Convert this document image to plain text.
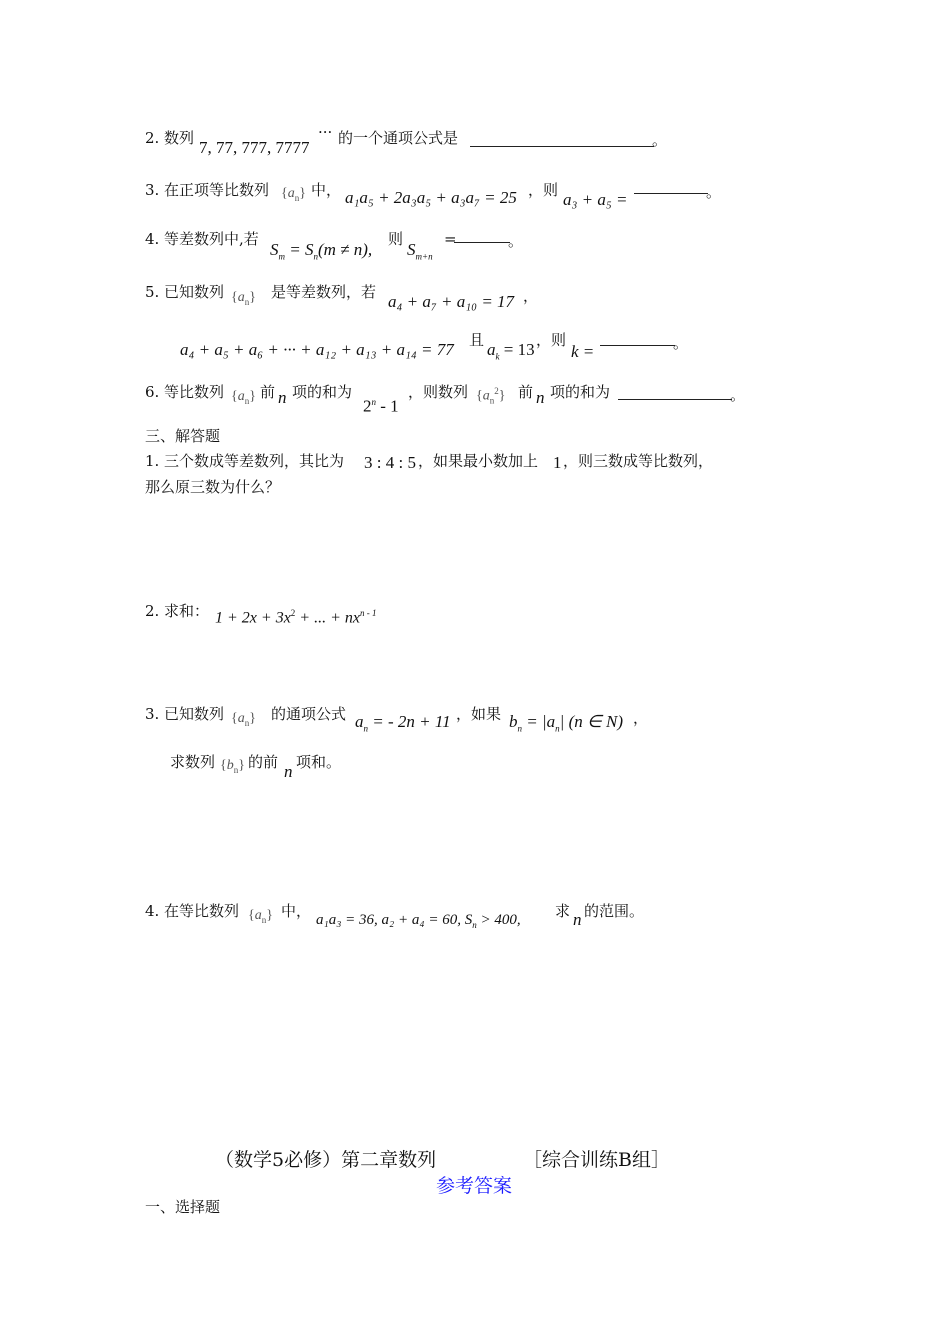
2. 数列 7, 77, 777, 7777
··· 的一个通项公式是	。
3. 在正项等比数列 $\{a_n\}$ 中， a₁a₅ + 2a₃a₅ + a₃a₇ = 25 ，则 a₃ + a₅ =	。
4. 等差数列中,若
$S_m = S_n(m \ne n)$,
则
$S_{m+n}$
=	。
5. 已知数列 $\{a_n\}$ 是等差数列，若 a₄ + a₇ + a₁₀ = 17 ，
a₄ + a₅ + a₆ + ··· + a₁₂ + a₁₃ + a₁₄ = 77 且 $a_k = 13$ ，则
k =	。
6. 等比数列 $\{a_n\}$ 前 n 项的和为
2$^n$ - 1
，则数列 $\{a_n^2\}$ 前 n 项的和为	。
三、解答题
1. 三个数成等差数列，其比为 3 : 4 : 5 ，如果最小数加上 1 ，则三数成等比数列，
那么原三数为什么？
2. 求和： $1 + 2x + 3x^2$ + ... + $nx^{n - 1}$
3. 已知数列 $\{a_n\}$ 的通项公式 $a_n$ = - 2n + 11 ，如果 $b_n = |a_n|$ (n ∈ N) ，
求数列 $\{b_n\}$ 的前 n 项和。
4. 在等比数列 $\{a_n\}$ 中， a₁a₃ = 36, a₂ + a₄ = 60, $S_n > 400$, 求 n 的范围。
（数学5必修）第二章数列	［综合训练B组］
参考答案
一、选择题
